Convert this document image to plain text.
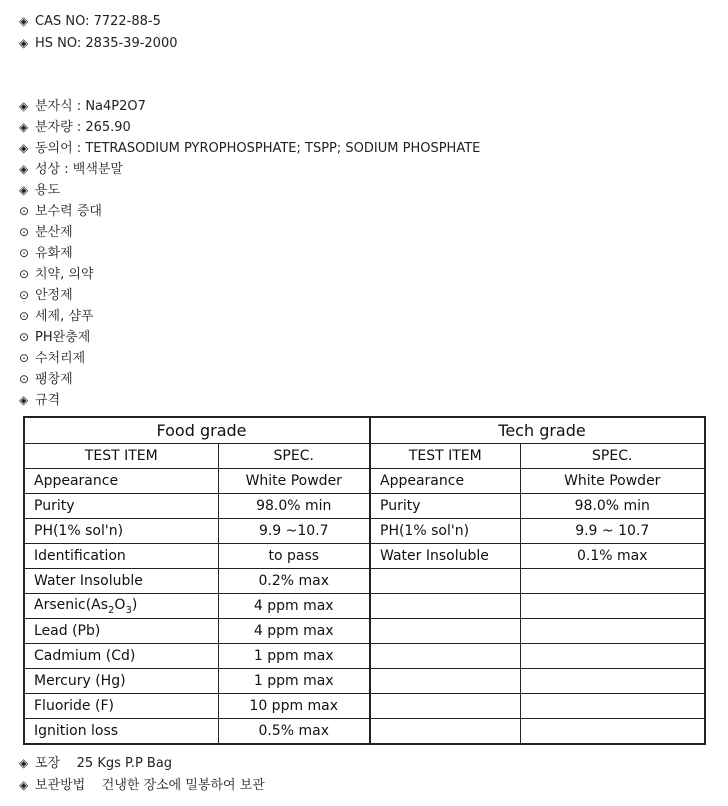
◈ CAS NO: 7722-88-5
◈ HS NO: 2835-39-2000
◈ 분자식 : Na4P2O7
◈ 분자량 : 265.90
◈ 동의어 : TETRASODIUM PYROPHOSPHATE; TSPP; SODIUM PHOSPHATE
◈ 성상 : 백색분말
◈ 용도
⊙ 보수력 증대
⊙ 분산제
⊙ 유화제
⊙ 치약, 의약
⊙ 안정제
⊙ 세제, 샴푸
⊙ PH완충제
⊙ 수처리제
⊙ 팽창제
◈ 규격
Food grade		Tech grade	
TEST ITEM	SPEC.	TEST ITEM	SPEC.
Appearance	White Powder	Appearance	White Powder
Purity	98.0% min	Purity	98.0% min
PH(1% sol'n)	9.9 ~10.7	PH(1% sol'n)	9.9 ~ 10.7
Identification	to pass	Water Insoluble	0.1% max
Water Insoluble	0.2% max		
$Arsenic(As_2O_3)$	4 ppm max		
Lead (Pb)	4 ppm max		
Cadmium (Cd)	1 ppm max		
Mercury (Hg)	1 ppm max		
Fluoride (F)	10 ppm max		
Ignition loss	0.5% max		
◈ 포장    25 Kgs P.P Bag
◈ 보관방법    건냉한 장소에 밀봉하여 보관
